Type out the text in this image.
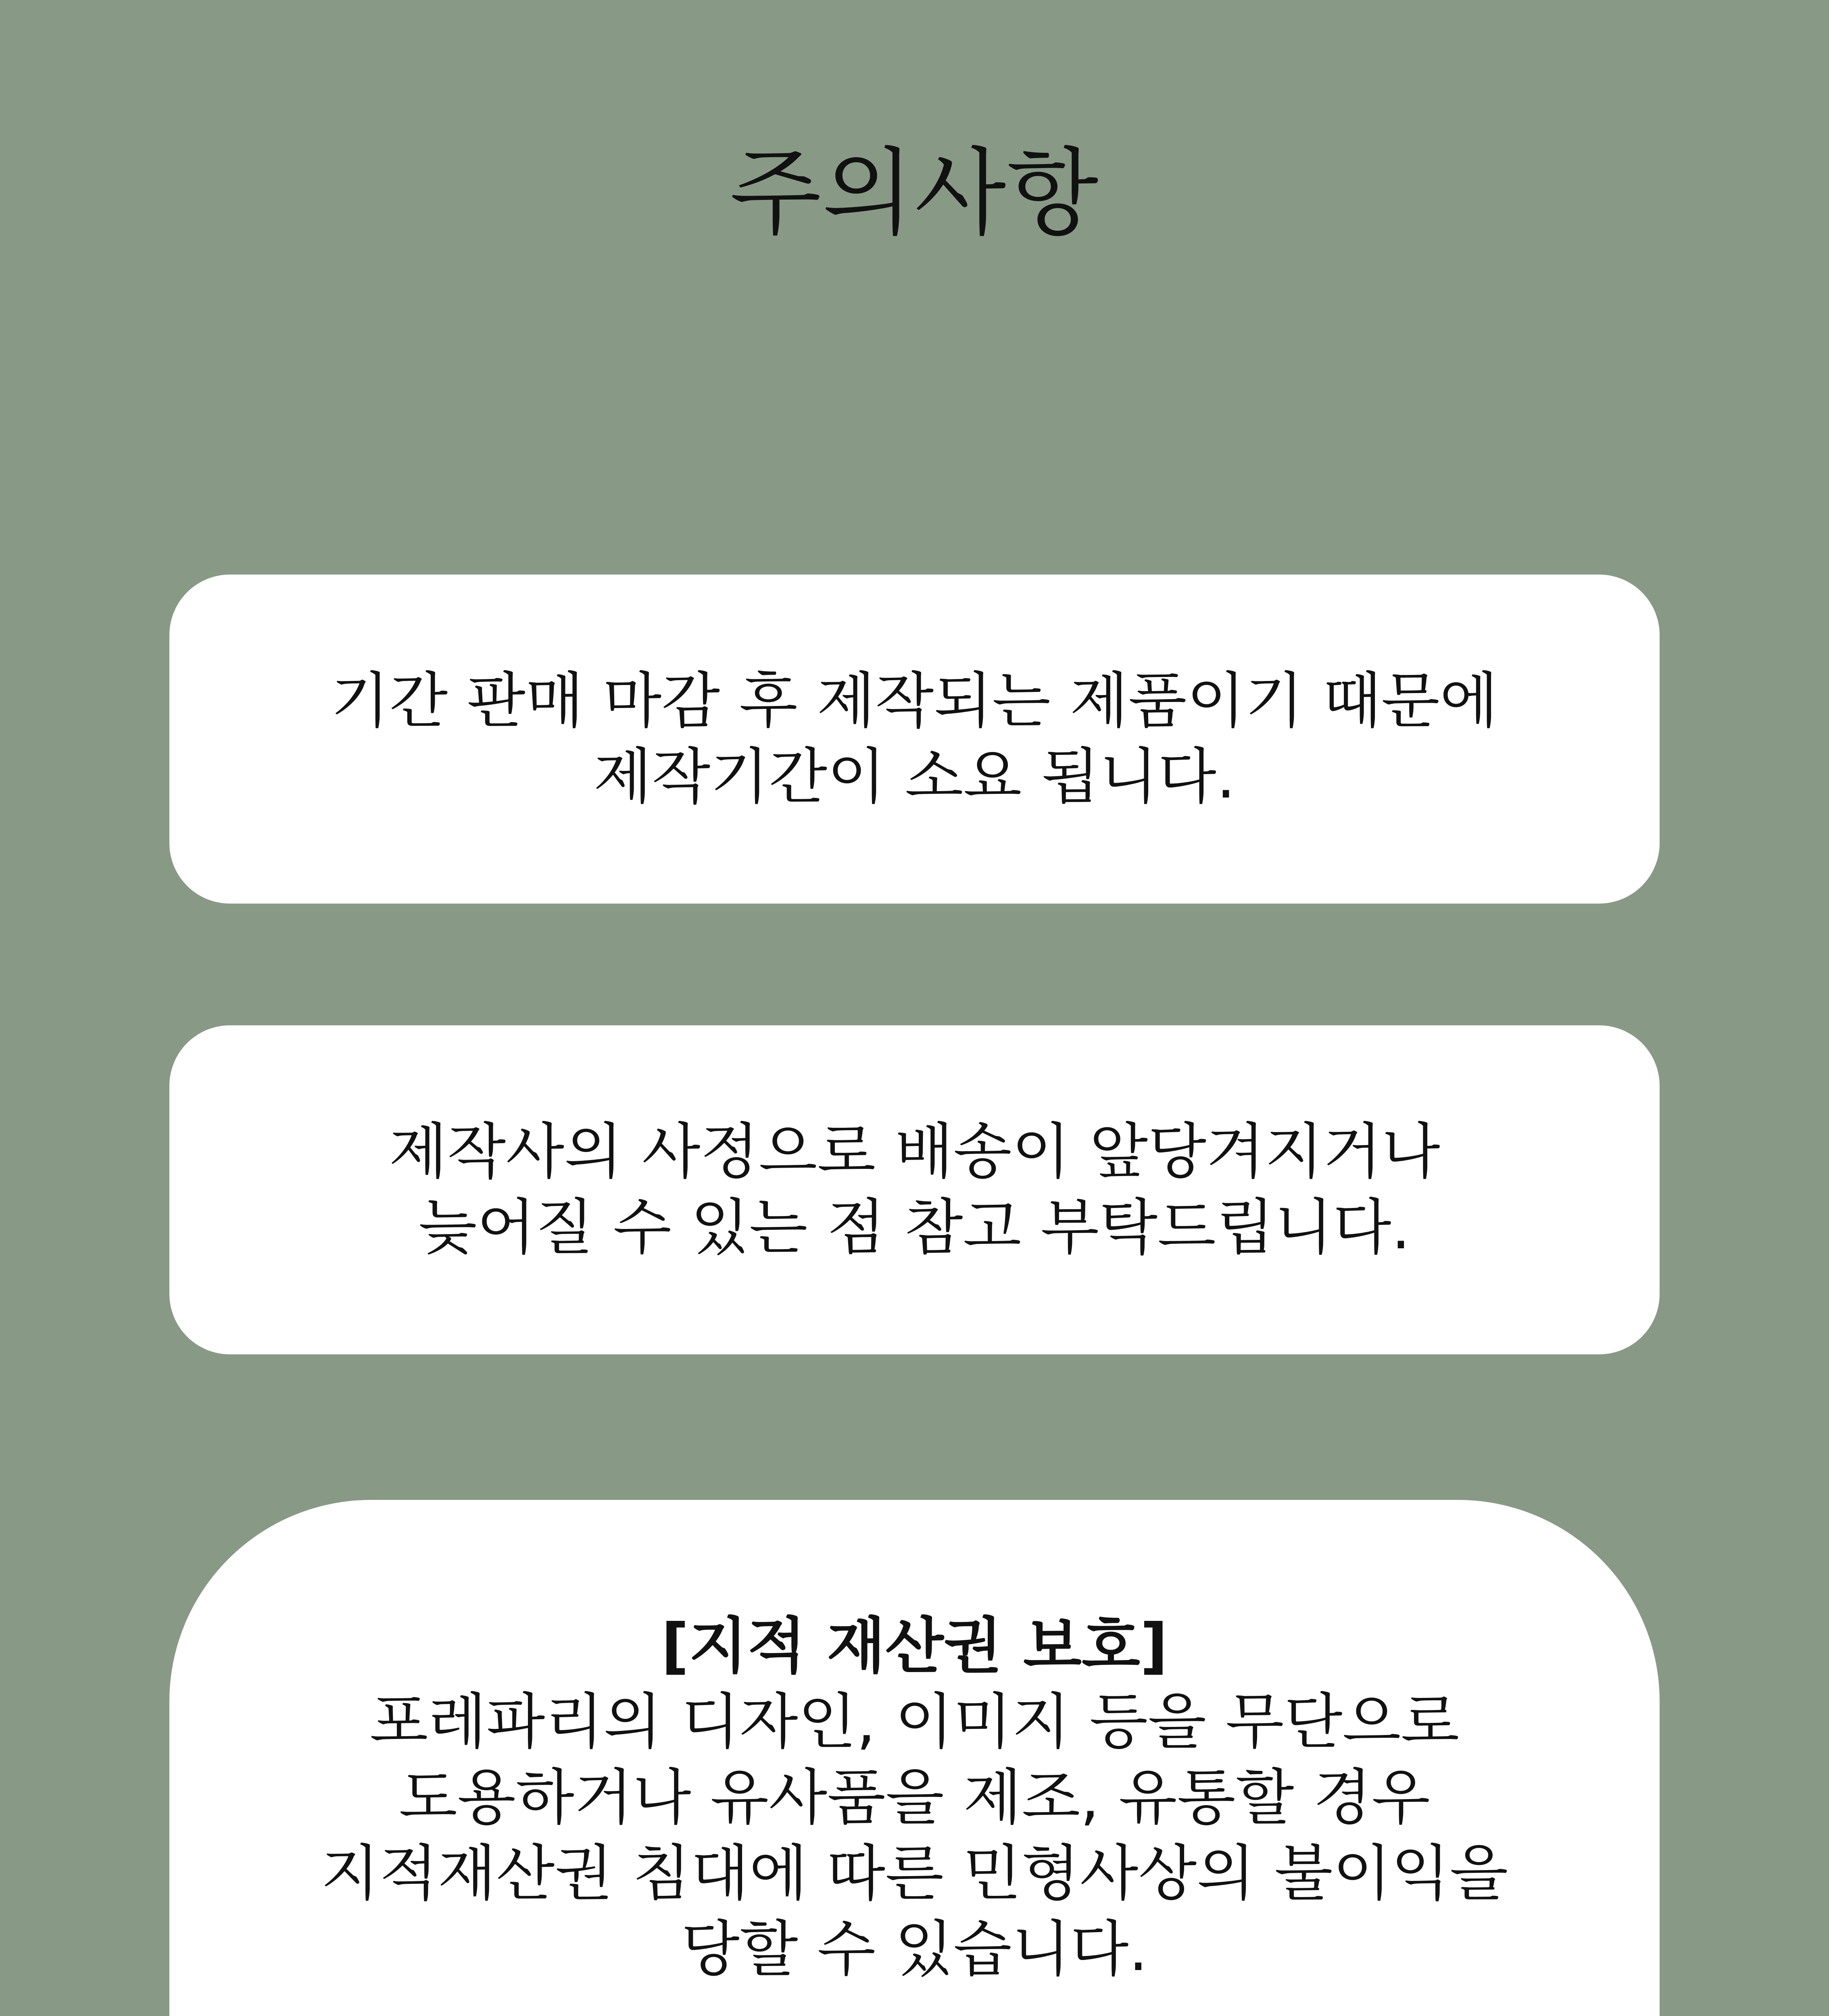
주의사항
기간 판매 마감 후 제작되는 제품이기 때문에
제작기간이 소요 됩니다.
제작사의 사정으로 배송이 앞당겨지거나
늦어질 수 있는 점 참고 부탁드립니다.
[지적 재산권 보호]
포레파리의 디자인, 이미지 등을 무단으로
도용하거나 유사품을 제조, 유통할 경우
지적재산권 침대에 따른 민형사상의 불이익을
당할 수 있습니다.
